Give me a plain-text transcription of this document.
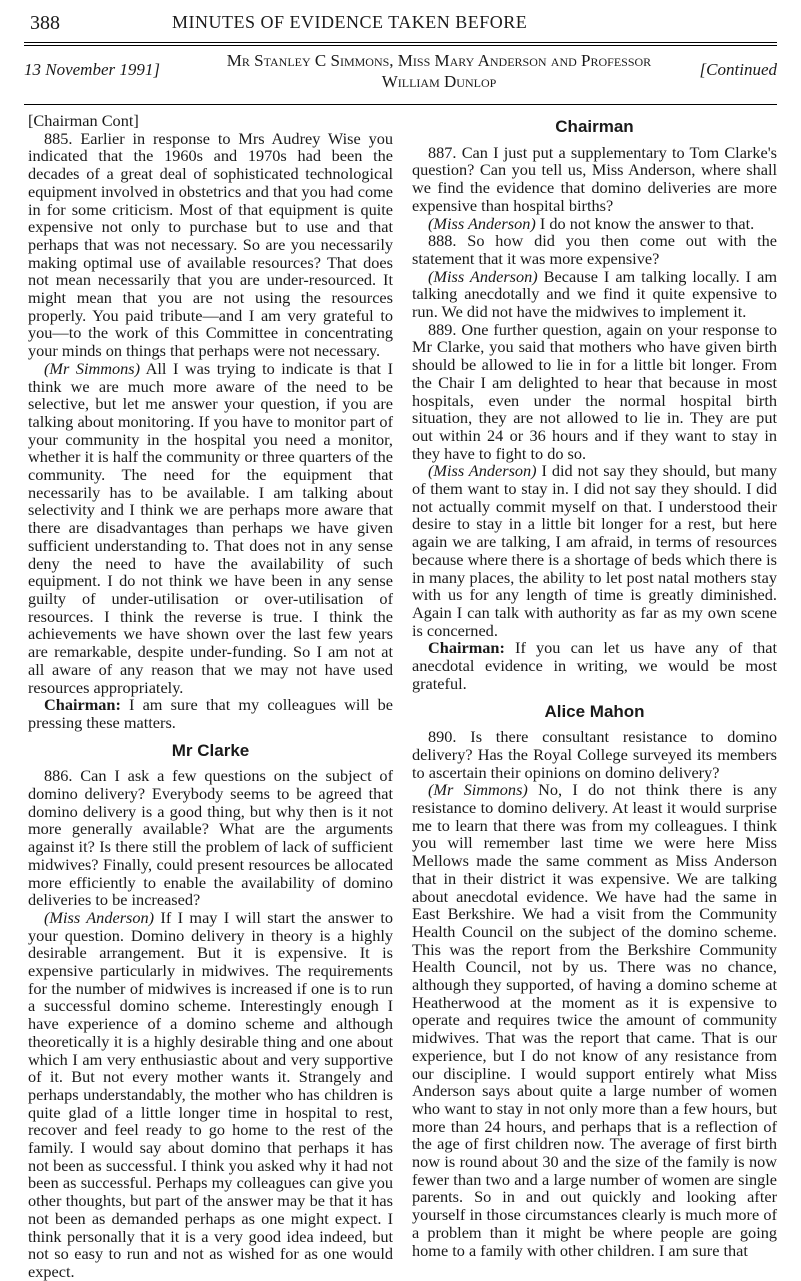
388	MINUTES OF EVIDENCE TAKEN BEFORE
13 November 1991]	Mr Stanley C Simmons, Miss Mary Anderson and Professor
William Dunlop
[Continued

[Chairman Cont]

885. Earlier in response to Mrs Audrey Wise you indicated that the 1960s and 1970s had been the decades of a great deal of sophisticated technological equipment involved in obstetrics and that you had come in for some criticism. Most of that equipment is quite expensive not only to purchase but to use and that perhaps that was not necessary. So are you necessarily making optimal use of available resources? That does not mean necessarily that you are under-resourced. It might mean that you are not using the resources properly. You paid tribute—and I am very grateful to you—to the work of this Committee in concentrating your minds on things that perhaps were not necessary.

(Mr Simmons) All I was trying to indicate is that I think we are much more aware of the need to be selective, but let me answer your question, if you are talking about monitoring. If you have to monitor part of your community in the hospital you need a monitor, whether it is half the community or three quarters of the community. The need for the equipment that necessarily has to be available. I am talking about selectivity and I think we are perhaps more aware that there are disadvantages than perhaps we have given sufficient understanding to. That does not in any sense deny the need to have the availability of such equipment. I do not think we have been in any sense guilty of under-utilisation or over-utilisation of resources. I think the reverse is true. I think the achievements we have shown over the last few years are remarkable, despite under-funding. So I am not at all aware of any reason that we may not have used resources appropriately.

Chairman: I am sure that my colleagues will be pressing these matters.

Mr Clarke

886. Can I ask a few questions on the subject of domino delivery? Everybody seems to be agreed that domino delivery is a good thing, but why then is it not more generally available? What are the arguments against it? Is there still the problem of lack of sufficient midwives? Finally, could present resources be allocated more efficiently to enable the availability of domino deliveries to be increased?

(Miss Anderson) If I may I will start the answer to your question. Domino delivery in theory is a highly desirable arrangement. But it is expensive. It is expensive particularly in midwives. The requirements for the number of midwives is increased if one is to run a successful domino scheme. Interestingly enough I have experience of a domino scheme and although theoretically it is a highly desirable thing and one about which I am very enthusiastic about and very supportive of it. But not every mother wants it. Strangely and perhaps understandably, the mother who has children is quite glad of a little longer time in hospital to rest, recover and feel ready to go home to the rest of the family. I would say about domino that perhaps it has not been as successful. I think you asked why it had not been as successful. Perhaps my colleagues can give you other thoughts, but part of the answer may be that it has not been as demanded perhaps as one might expect. I think personally that it is a very good idea indeed, but not so easy to run and not as wished for as one would expect.

Chairman

887. Can I just put a supplementary to Tom Clarke's question? Can you tell us, Miss Anderson, where shall we find the evidence that domino deliveries are more expensive than hospital births?

(Miss Anderson) I do not know the answer to that.

888. So how did you then come out with the statement that it was more expensive?

(Miss Anderson) Because I am talking locally. I am talking anecdotally and we find it quite expensive to run. We did not have the midwives to implement it.

889. One further question, again on your response to Mr Clarke, you said that mothers who have given birth should be allowed to lie in for a little bit longer. From the Chair I am delighted to hear that because in most hospitals, even under the normal hospital birth situation, they are not allowed to lie in. They are put out within 24 or 36 hours and if they want to stay in they have to fight to do so.

(Miss Anderson) I did not say they should, but many of them want to stay in. I did not say they should. I did not actually commit myself on that. I understood their desire to stay in a little bit longer for a rest, but here again we are talking, I am afraid, in terms of resources because where there is a shortage of beds which there is in many places, the ability to let post natal mothers stay with us for any length of time is greatly diminished. Again I can talk with authority as far as my own scene is concerned.

Chairman: If you can let us have any of that anecdotal evidence in writing, we would be most grateful.

Alice Mahon

890. Is there consultant resistance to domino delivery? Has the Royal College surveyed its members to ascertain their opinions on domino delivery?

(Mr Simmons) No, I do not think there is any resistance to domino delivery. At least it would surprise me to learn that there was from my colleagues. I think you will remember last time we were here Miss Mellows made the same comment as Miss Anderson that in their district it was expensive. We are talking about anecdotal evidence. We have had the same in East Berkshire. We had a visit from the Community Health Council on the subject of the domino scheme. This was the report from the Berkshire Community Health Council, not by us. There was no chance, although they supported, of having a domino scheme at Heatherwood at the moment as it is expensive to operate and requires twice the amount of community midwives. That was the report that came. That is our experience, but I do not know of any resistance from our discipline. I would support entirely what Miss Anderson says about quite a large number of women who want to stay in not only more than a few hours, but more than 24 hours, and perhaps that is a reflection of the age of first children now. The average of first birth now is round about 30 and the size of the family is now fewer than two and a large number of women are single parents. So in and out quickly and looking after yourself in those circumstances clearly is much more of a problem than it might be where people are going home to a family with other children. I am sure that
